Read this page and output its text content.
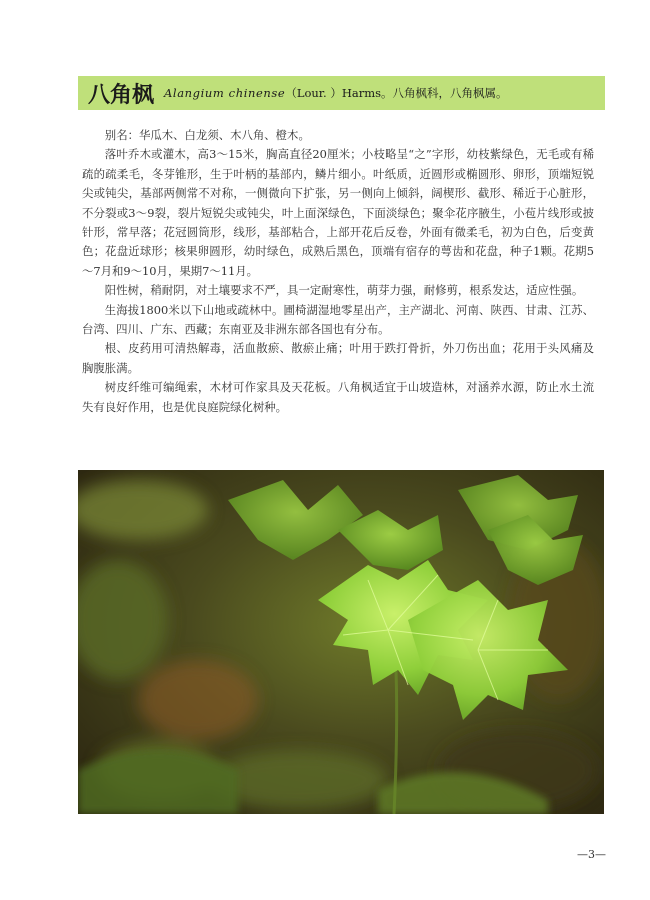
八角枫 Alangium chinense （Lour. ）Harms。八角枫科，八角枫属。

别名：华瓜木、白龙须、木八角、橙木。

落叶乔木或灌木，高3～15米，胸高直径20厘米；小枝略呈“之”字形，幼枝紫绿色，无毛或有稀疏的疏柔毛，冬芽锥形，生于叶柄的基部内，鳞片细小。叶纸质，近圆形或椭圆形、卵形，顶端短锐尖或钝尖，基部两侧常不对称，一侧微向下扩张，另一侧向上倾斜，阔楔形、截形、稀近于心脏形，不分裂或3～9裂，裂片短锐尖或钝尖，叶上面深绿色，下面淡绿色；聚伞花序腋生，小苞片线形或披针形，常早落；花冠圆筒形，线形，基部粘合，上部开花后反卷，外面有微柔毛，初为白色，后变黄色；花盘近球形；核果卵圆形，幼时绿色，成熟后黑色，顶端有宿存的萼齿和花盘，种子1颗。花期5～7月和9～10月，果期7～11月。

阳性树，稍耐阴，对土壤要求不严，具一定耐寒性，萌芽力强，耐修剪，根系发达，适应性强。

生海拔1800米以下山地或疏林中。圃椅湖湿地零星出产，主产湖北、河南、陕西、甘肃、江苏、台湾、四川、广东、西藏；东南亚及非洲东部各国也有分布。

根、皮药用可清热解毒，活血散瘀、散瘀止痛；叶用于跌打骨折，外刀伤出血；花用于头风痛及胸腹胀满。

树皮纤维可编绳索，木材可作家具及天花板。八角枫适宜于山坡造林，对涵养水源，防止水土流失有良好作用，也是优良庭院绿化树种。

—3—
